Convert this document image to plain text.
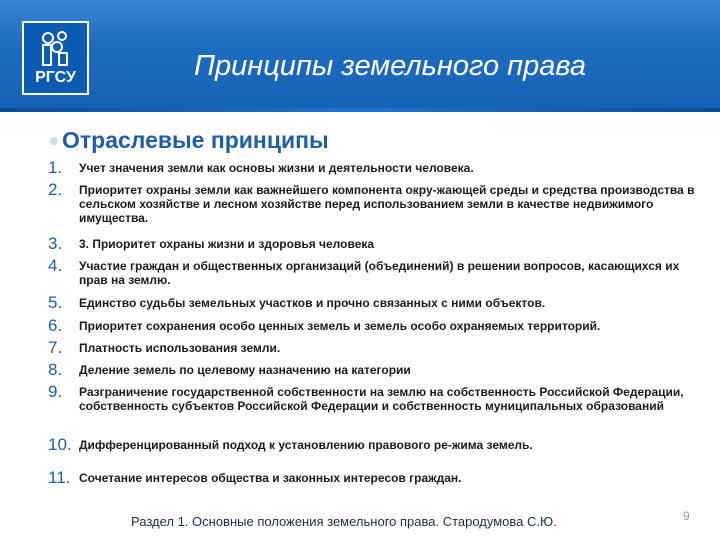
РГСУ	Принципы земельного права
Отраслевые принципы
1. Учет значения земли как основы жизни и деятельности человека.
2. Приоритет охраны земли как важнейшего компонента окру-жающей среды и средства производства в сельском хозяйстве и лесном хозяйстве перед использованием земли в качестве недвижимого имущества.
3. 3. Приоритет охраны жизни и здоровья человека
4. Участие граждан и общественных организаций (объединений) в решении вопросов, касающихся их прав на землю.
5. Единство судьбы земельных участков и прочно связанных с ними объектов.
6. Приоритет сохранения особо ценных земель и земель особо охраняемых территорий.
7. Платность использования земли.
8. Деление земель по целевому назначению на категории
9. Разграничение государственной собственности на землю на собственность Российской Федерации, собственность субъектов Российской Федерации и собственность муниципальных образований
10. Дифференцированный подход к установлению правового ре-жима земель.
11. Сочетание интересов общества и законных интересов граждан.
Раздел 1. Основные положения земельного права. Стародумова С.Ю.	9
